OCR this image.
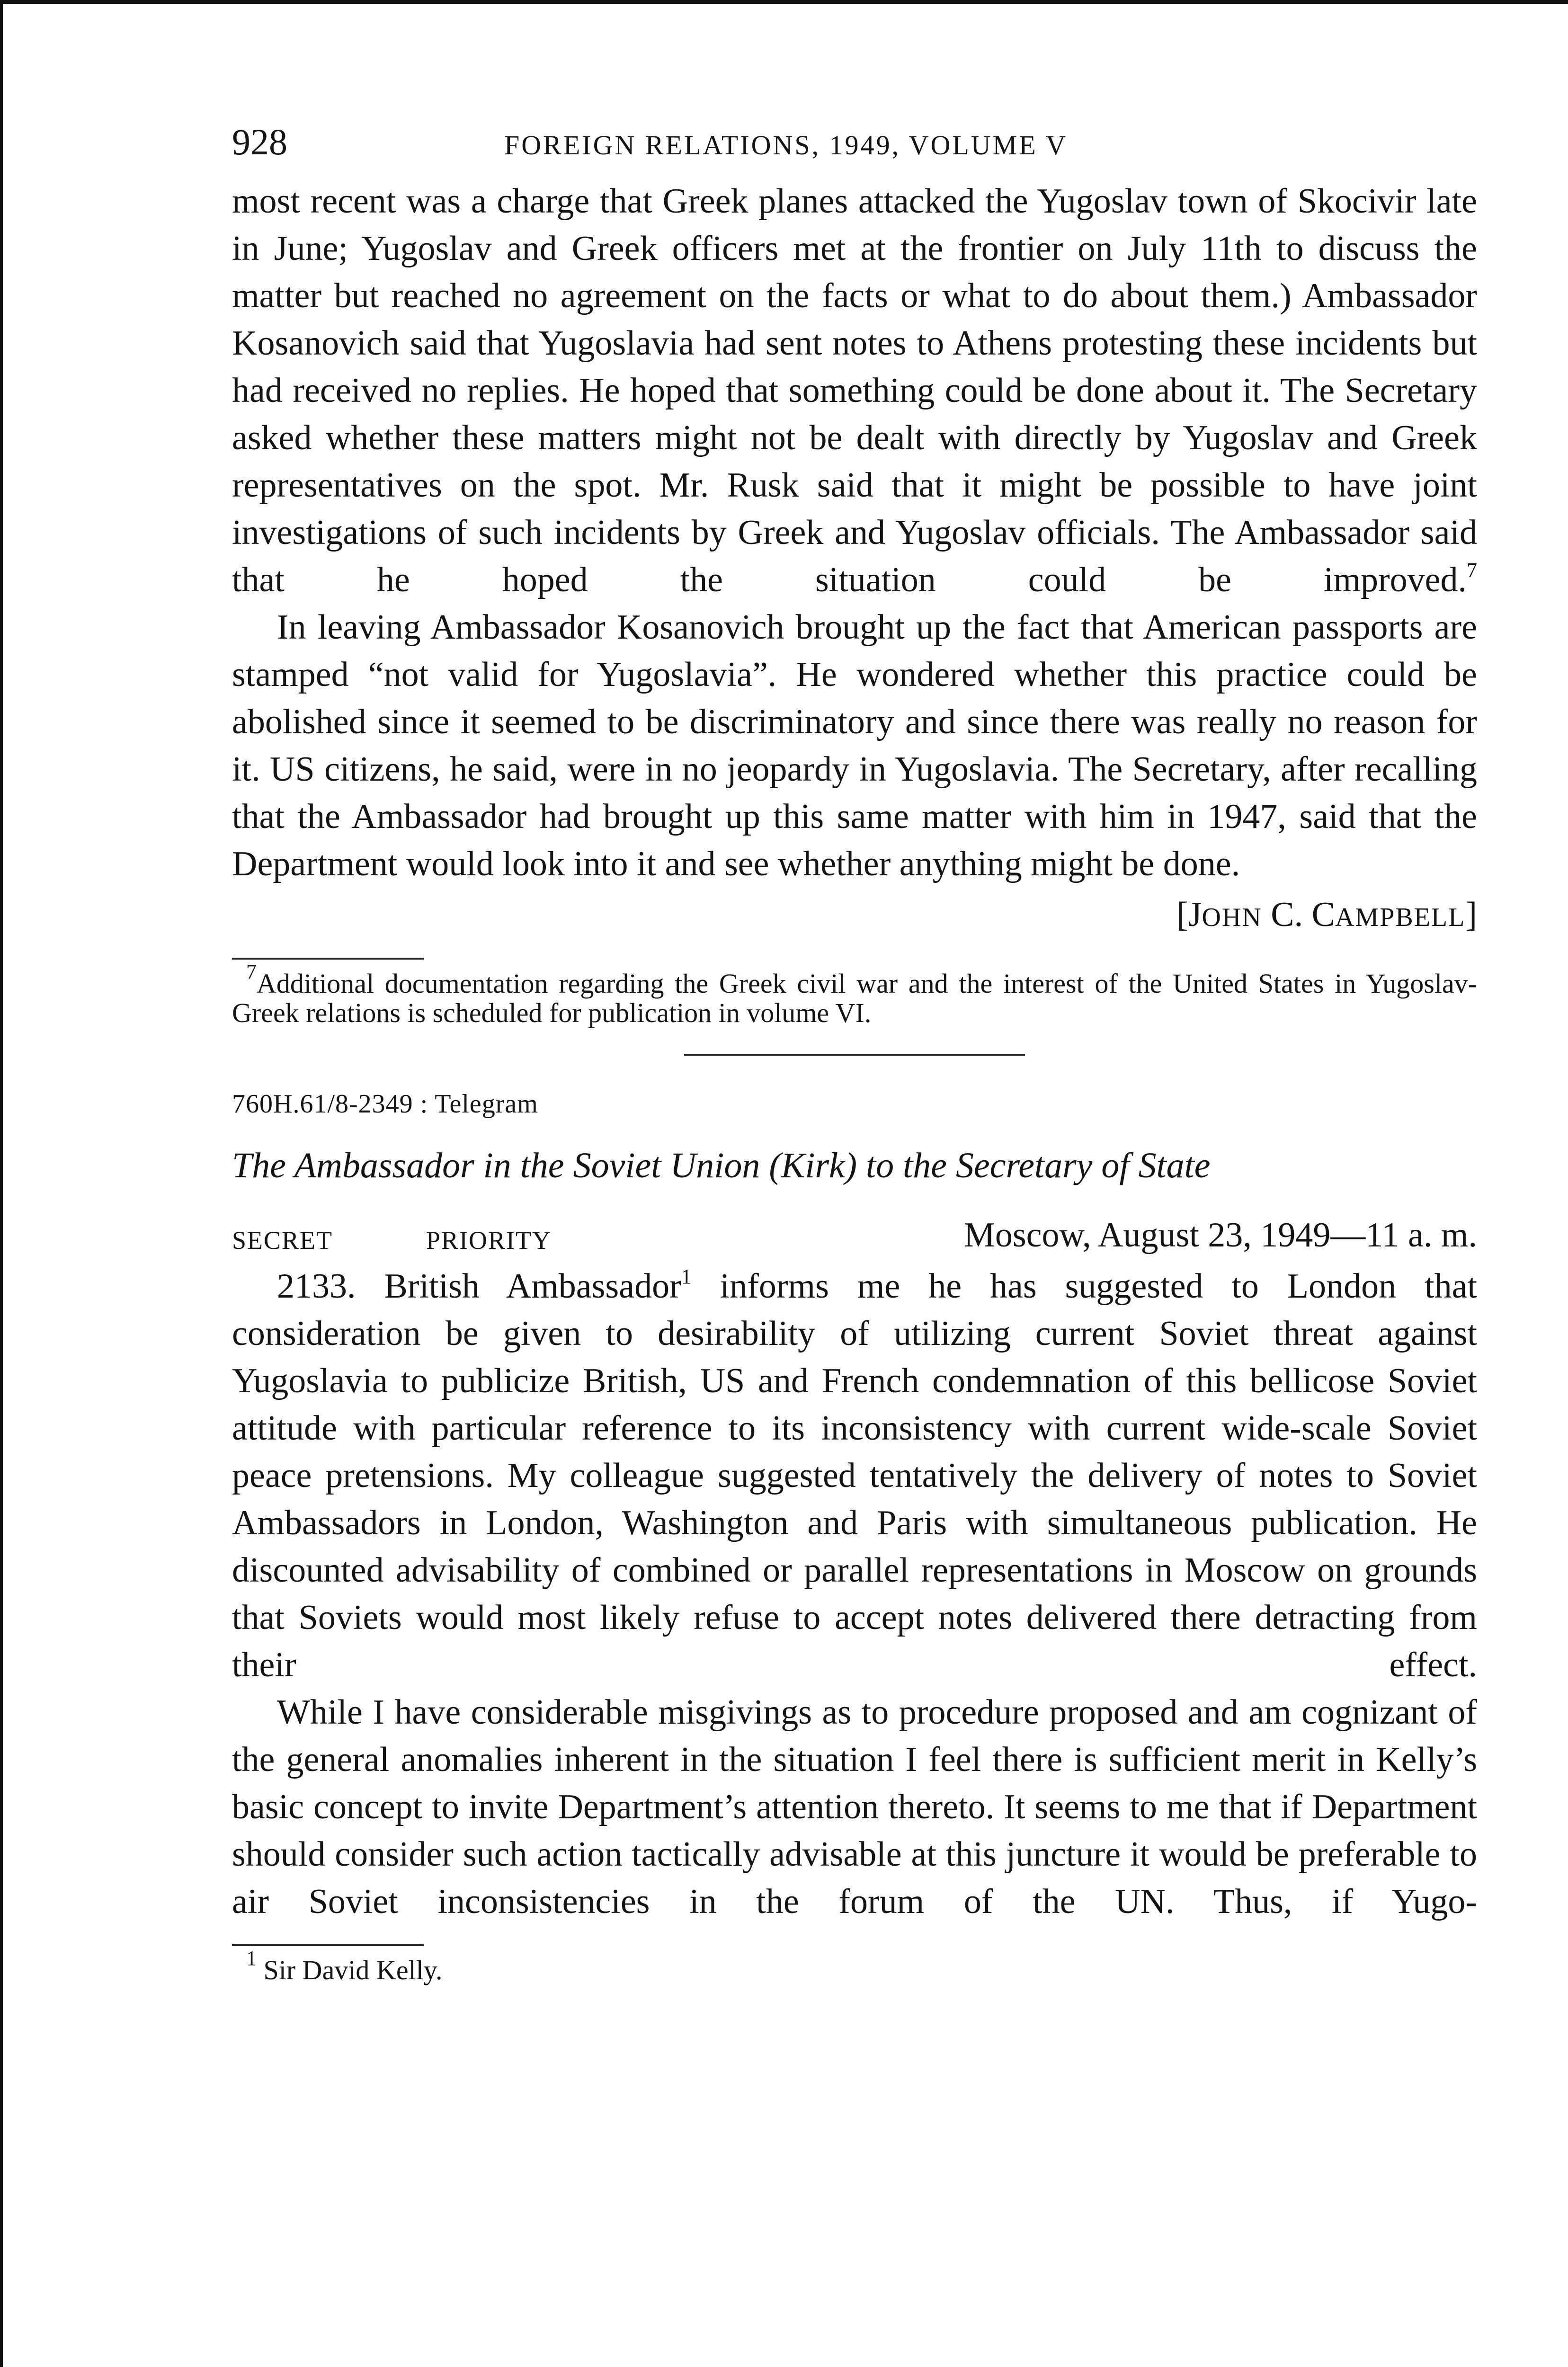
928	FOREIGN RELATIONS, 1949, VOLUME V

most recent was a charge that Greek planes attacked the Yugoslav town of Skocivir late in June; Yugoslav and Greek officers met at the frontier on July 11th to discuss the matter but reached no agreement on the facts or what to do about them.) Ambassador Kosanovich said that Yugoslavia had sent notes to Athens protesting these incidents but had received no replies. He hoped that something could be done about it. The Secretary asked whether these matters might not be dealt with directly by Yugoslav and Greek representatives on the spot. Mr. Rusk said that it might be possible to have joint investigations of such incidents by Greek and Yugoslav officials. The Ambassador said that he hoped the situation could be improved.$^7$

In leaving Ambassador Kosanovich brought up the fact that American passports are stamped “not valid for Yugoslavia”. He wondered whether this practice could be abolished since it seemed to be discriminatory and since there was really no reason for it. US citizens, he said, were in no jeopardy in Yugoslavia. The Secretary, after recalling that the Ambassador had brought up this same matter with him in 1947, said that the Department would look into it and see whether anything might be done.

[JOHN C. CAMPBELL]

$^7$Additional documentation regarding the Greek civil war and the interest of the United States in Yugoslav-Greek relations is scheduled for publication in volume VI.

760H.61/8-2349 : Telegram
The Ambassador in the Soviet Union (Kirk) to the Secretary of State
SECRET	PRIORITY	Moscow, August 23, 1949—11 a. m.

2133. British Ambassador$^1$ informs me he has suggested to London that consideration be given to desirability of utilizing current Soviet threat against Yugoslavia to publicize British, US and French condemnation of this bellicose Soviet attitude with particular reference to its inconsistency with current wide-scale Soviet peace pretensions. My colleague suggested tentatively the delivery of notes to Soviet Ambassadors in London, Washington and Paris with simultaneous publication. He discounted advisability of combined or parallel representations in Moscow on grounds that Soviets would most likely refuse to accept notes delivered there detracting from their effect.

While I have considerable misgivings as to procedure proposed and am cognizant of the general anomalies inherent in the situation I feel there is sufficient merit in Kelly’s basic concept to invite Department’s attention thereto. It seems to me that if Department should consider such action tactically advisable at this juncture it would be preferable to air Soviet inconsistencies in the forum of the UN. Thus, if Yugo-

$^1$ Sir David Kelly.
